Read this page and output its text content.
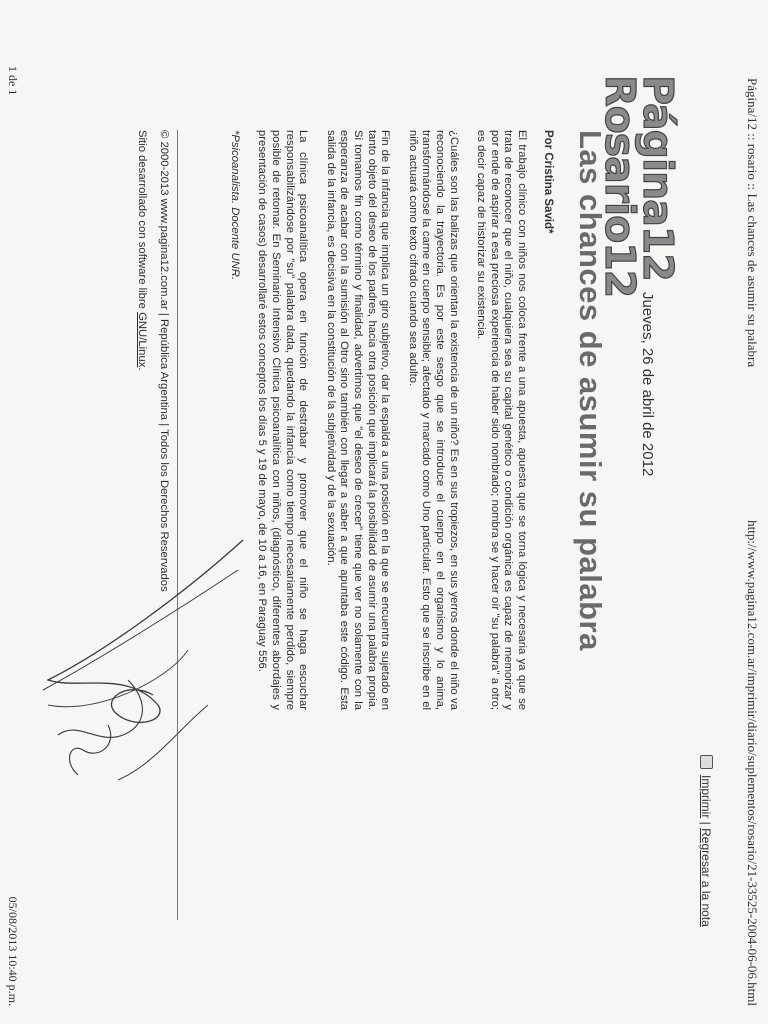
Página/12 :: rosario :: Las chances de asumir su palabra
http://www.pagina12.com.ar/imprimir/diario/suplementos/rosario/21-33525-2004-06-06.html
Imprimir | Regresar a la nota
Página12
Rosario12
Jueves, 26 de abril de 2012
Las chances de asumir su palabra
Por Cristina Savid*

El trabajo clínico con niños nos coloca frente a una apuesta, apuesta que se torna lógica y necesaria ya que se trata de reconocer que el niño, cualquiera sea su capital genético o condición orgánica es capaz de memorizar y por ende de aspirar a esa preciosa experiencia de haber sido nombrado; nombra se y hacer oír "su palabra" a otro; es decir capaz de historizar su existencia.

¿Cuáles son las balizas que orientan la existencia de un niño? Es en sus tropiezos, en sus yerros donde el niño va reconociendo la trayectoria. Es por este sesgo que se introduce el cuerpo en el organismo y lo anima, transformándose la carne en cuerpo sensible; afectado y marcado como Uno particular. Esto que se inscribe en el niño actuará como texto cifrado cuando sea adulto.

Fin de la infancia que implica un giro subjetivo, dar la espalda a una posición en la que se encuentra sujetado en tanto objeto del deseo de los padres, hacia otra posición que implicará la posibilidad de asumir una palabra propia. Si tomamos fin como término y finalidad, advertimos que "el deseo de crecer" tiene que ver no solamente con la esperanza de acabar con la sumisión al Otro sino también con llegar a saber a que apuntaba este código. Esta salida de la infancia, es decisiva en la constitución de la subjetividad y de la sexuación.

La clínica psicoanalítica opera en función de destrabar y promover que el niño se haga escuchar responsabilizándose por "su" palabra dada, quedando la infancia como tiempo necesariamente perdido, siempre posible de retomar. En Seminario Intensivo Clínica psicoanalítica con niños, (diagnóstico, diferentes abordajes y presentación de casos) desarrollaré estos conceptos los días 5 y 19 de mayo, de 10 a 16, en Paraguay 556.

*Psicoanalista. Docente UNR.

© 2000-2013 www.pagina12.com.ar | República Argentina | Todos los Derechos Reservados
Sitio desarrollado con software libre GNU/Linux.
1 de 1
05/08/2013 10:40 p.m.
